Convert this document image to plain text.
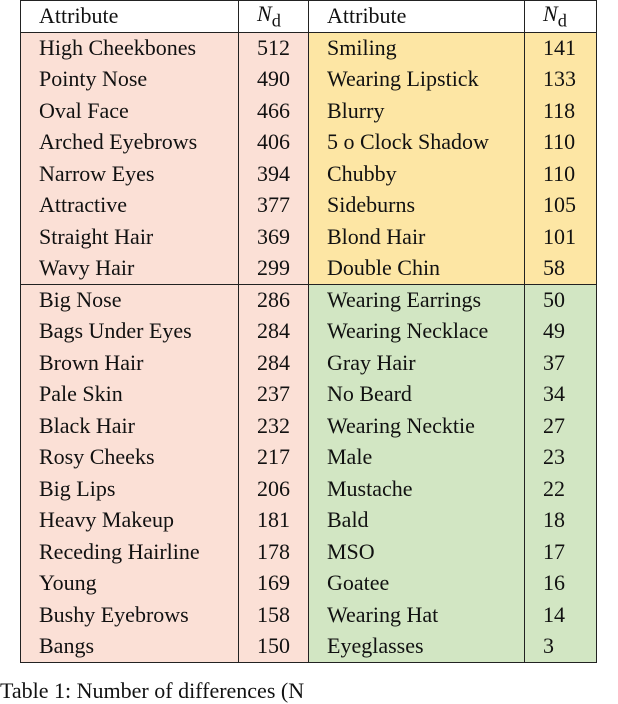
Attribute	$N_d$	Attribute	$N_d$
High Cheekbones	512	Smiling	141
Pointy Nose	490	Wearing Lipstick	133
Oval Face	466	Blurry	118
Arched Eyebrows	406	5 o Clock Shadow	110
Narrow Eyes	394	Chubby	110
Attractive	377	Sideburns	105
Straight Hair	369	Blond Hair	101
Wavy Hair	299	Double Chin	58
Big Nose	286	Wearing Earrings	50
Bags Under Eyes	284	Wearing Necklace	49
Brown Hair	284	Gray Hair	37
Pale Skin	237	No Beard	34
Black Hair	232	Wearing Necktie	27
Rosy Cheeks	217	Male	23
Big Lips	206	Mustache	22
Heavy Makeup	181	Bald	18
Receding Hairline	178	MSO	17
Young	169	Goatee	16
Bushy Eyebrows	158	Wearing Hat	14
Bangs	150	Eyeglasses	3
Table 1: Number of differences (N
